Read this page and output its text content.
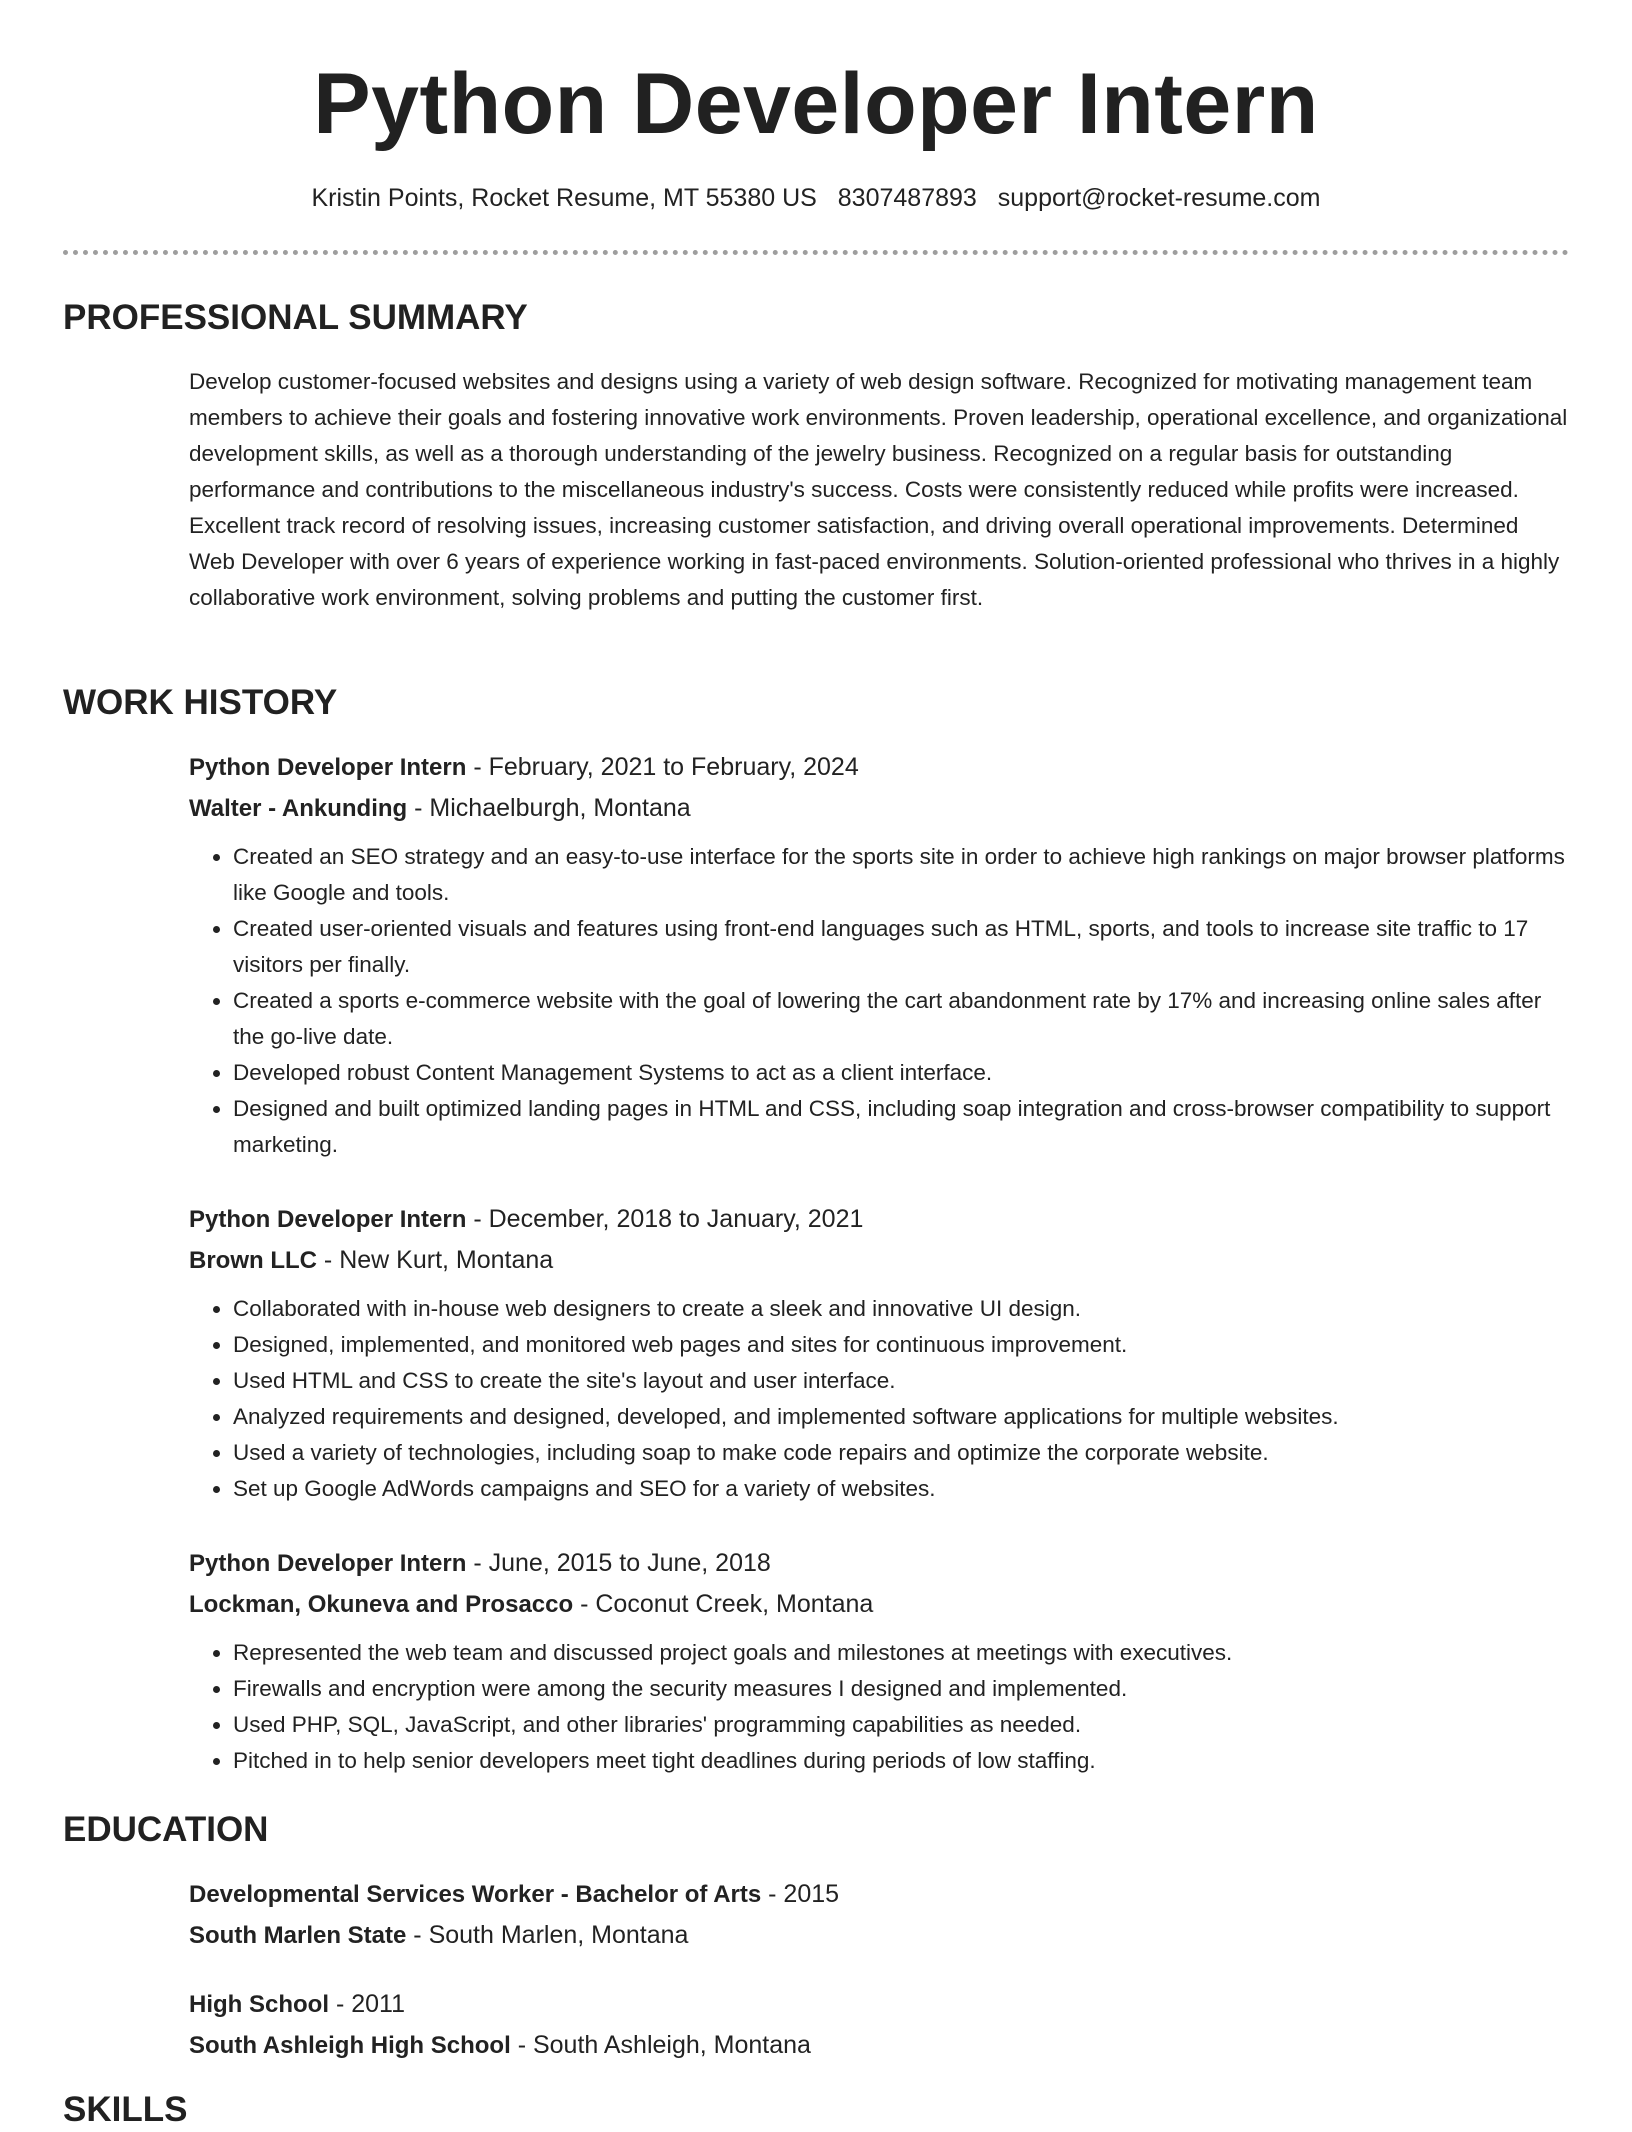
Python Developer Intern
Kristin Points, Rocket Resume, MT 55380 US 8307487893 support@rocket-resume.com
PROFESSIONAL SUMMARY

Develop customer-focused websites and designs using a variety of web design software. Recognized for motivating management team members to achieve their goals and fostering innovative work environments. Proven leadership, operational excellence, and organizational development skills, as well as a thorough understanding of the jewelry business. Recognized on a regular basis for outstanding performance and contributions to the miscellaneous industry's success. Costs were consistently reduced while profits were increased. Excellent track record of resolving issues, increasing customer satisfaction, and driving overall operational improvements. Determined Web Developer with over 6 years of experience working in fast-paced environments. Solution-oriented professional who thrives in a highly collaborative work environment, solving problems and putting the customer first.

WORK HISTORY

Python Developer Intern - February, 2021 to February, 2024

Walter - Ankunding - Michaelburgh, Montana

• Created an SEO strategy and an easy-to-use interface for the sports site in order to achieve high rankings on major browser platforms like Google and tools.
• Created user-oriented visuals and features using front-end languages such as HTML, sports, and tools to increase site traffic to 17 visitors per finally.
• Created a sports e-commerce website with the goal of lowering the cart abandonment rate by 17% and increasing online sales after the go-live date.
• Developed robust Content Management Systems to act as a client interface.
• Designed and built optimized landing pages in HTML and CSS, including soap integration and cross-browser compatibility to support marketing.

Python Developer Intern - December, 2018 to January, 2021

Brown LLC - New Kurt, Montana

• Collaborated with in-house web designers to create a sleek and innovative UI design.
• Designed, implemented, and monitored web pages and sites for continuous improvement.
• Used HTML and CSS to create the site's layout and user interface.
• Analyzed requirements and designed, developed, and implemented software applications for multiple websites.
• Used a variety of technologies, including soap to make code repairs and optimize the corporate website.
• Set up Google AdWords campaigns and SEO for a variety of websites.

Python Developer Intern - June, 2015 to June, 2018

Lockman, Okuneva and Prosacco - Coconut Creek, Montana

• Represented the web team and discussed project goals and milestones at meetings with executives.
• Firewalls and encryption were among the security measures I designed and implemented.
• Used PHP, SQL, JavaScript, and other libraries' programming capabilities as needed.
• Pitched in to help senior developers meet tight deadlines during periods of low staffing.
EDUCATION

Developmental Services Worker - Bachelor of Arts - 2015

South Marlen State - South Marlen, Montana

High School - 2011

South Ashleigh High School - South Ashleigh, Montana

SKILLS
